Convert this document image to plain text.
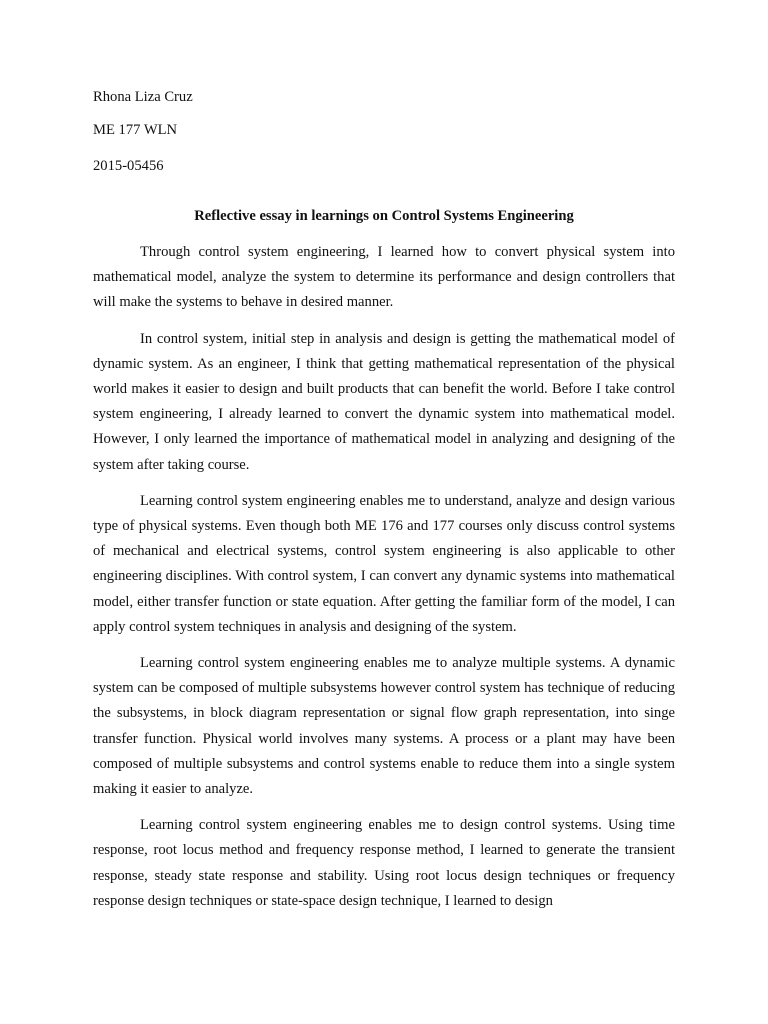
Rhona Liza Cruz
ME 177 WLN
2015-05456
Reflective essay in learnings on Control Systems Engineering

Through control system engineering, I learned how to convert physical system into mathematical model, analyze the system to determine its performance and design controllers that will make the systems to behave in desired manner.

In control system, initial step in analysis and design is getting the mathematical model of dynamic system. As an engineer, I think that getting mathematical representation of the physical world makes it easier to design and built products that can benefit the world. Before I take control system engineering, I already learned to convert the dynamic system into mathematical model. However, I only learned the importance of mathematical model in analyzing and designing of the system after taking course.

Learning control system engineering enables me to understand, analyze and design various type of physical systems. Even though both ME 176 and 177 courses only discuss control systems of mechanical and electrical systems, control system engineering is also applicable to other engineering disciplines. With control system, I can convert any dynamic systems into mathematical model, either transfer function or state equation. After getting the familiar form of the model, I can apply control system techniques in analysis and designing of the system.

Learning control system engineering enables me to analyze multiple systems. A dynamic system can be composed of multiple subsystems however control system has technique of reducing the subsystems, in block diagram representation or signal flow graph representation, into singe transfer function. Physical world involves many systems. A process or a plant may have been composed of multiple subsystems and control systems enable to reduce them into a single system making it easier to analyze.

Learning control system engineering enables me to design control systems. Using time response, root locus method and frequency response method, I learned to generate the transient response, steady state response and stability. Using root locus design techniques or frequency response design techniques or state-space design technique, I learned to design
